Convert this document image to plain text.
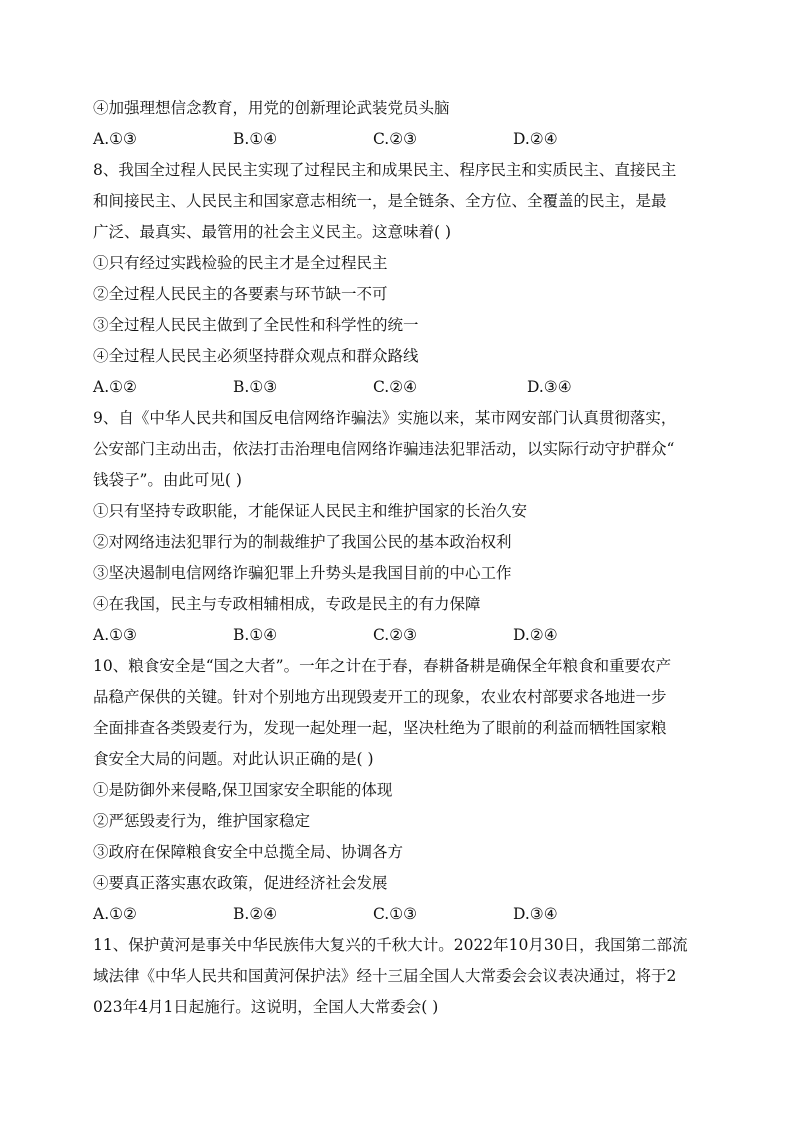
④加强理想信念教育，用党的创新理论武装党员头脑
A.①③	B.①④	C.②③	D.②④
8、我国全过程人民民主实现了过程民主和成果民主、程序民主和实质民主、直接民主
和间接民主、人民民主和国家意志相统一，是全链条、全方位、全覆盖的民主，是最
广泛、最真实、最管用的社会主义民主。这意味着( )
①只有经过实践检验的民主才是全过程民主
②全过程人民民主的各要素与环节缺一不可
③全过程人民民主做到了全民性和科学性的统一
④全过程人民民主必须坚持群众观点和群众路线
A.①②	B.①③	C.②④	D.③④
9、自《中华人民共和国反电信网络诈骗法》实施以来，某市网安部门认真贯彻落实，
公安部门主动出击，依法打击治理电信网络诈骗违法犯罪活动，以实际行动守护群众“
钱袋子”。由此可见( )
①只有坚持专政职能，才能保证人民民主和维护国家的长治久安
②对网络违法犯罪行为的制裁维护了我国公民的基本政治权利
③坚决遏制电信网络诈骗犯罪上升势头是我国目前的中心工作
④在我国，民主与专政相辅相成，专政是民主的有力保障
A.①③	B.①④	C.②③	D.②④
10、粮食安全是“国之大者”。一年之计在于春，春耕备耕是确保全年粮食和重要农产
品稳产保供的关键。针对个别地方出现毁麦开工的现象，农业农村部要求各地进一步
全面排查各类毁麦行为，发现一起处理一起，坚决杜绝为了眼前的利益而牺牲国家粮
食安全大局的问题。对此认识正确的是( )
①是防御外来侵略,保卫国家安全职能的体现
②严惩毁麦行为，维护国家稳定
③政府在保障粮食安全中总揽全局、协调各方
④要真正落实惠农政策，促进经济社会发展
A.①②	B.②④	C.①③	D.③④
11、保护黄河是事关中华民族伟大复兴的千秋大计。2022年10月30日，我国第二部流
域法律《中华人民共和国黄河保护法》经十三届全国人大常委会会议表决通过，将于2
023年4月1日起施行。这说明，全国人大常委会( )
